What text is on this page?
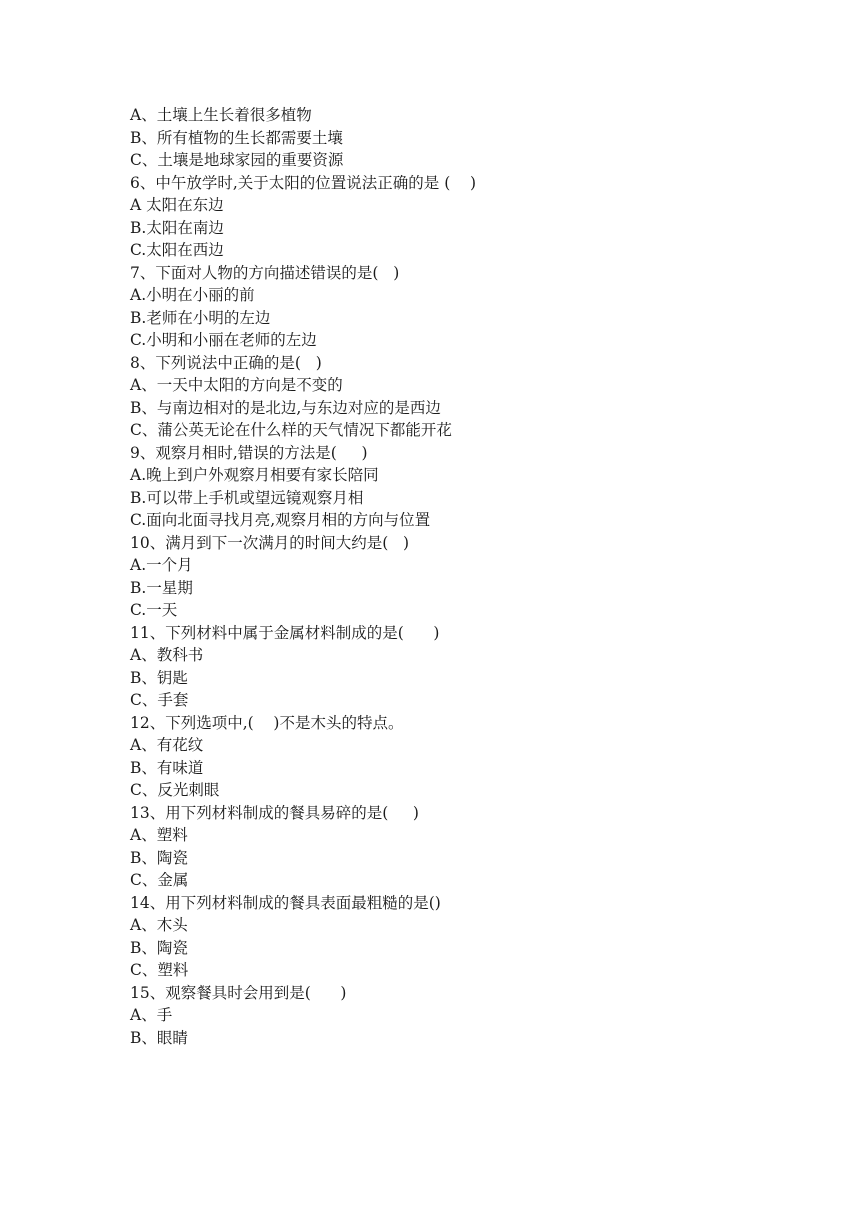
A、土壤上生长着很多植物
B、所有植物的生长都需要土壤
C、土壤是地球家园的重要资源
6、中午放学时,关于太阳的位置说法正确的是 (    )
A 太阳在东边
B.太阳在南边
C.太阳在西边
7、下面对人物的方向描述错误的是(   )
A.小明在小丽的前
B.老师在小明的左边
C.小明和小丽在老师的左边
8、下列说法中正确的是(   )
A、一天中太阳的方向是不变的
B、与南边相对的是北边,与东边对应的是西边
C、蒲公英无论在什么样的天气情况下都能开花
9、观察月相时,错误的方法是(     )
A.晚上到户外观察月相要有家长陪同
B.可以带上手机或望远镜观察月相
C.面向北面寻找月亮,观察月相的方向与位置
10、满月到下一次满月的时间大约是(   )
A.一个月
B.一星期
C.一天
11、下列材料中属于金属材料制成的是(      )
A、教科书
B、钥匙
C、手套
12、下列选项中,(    )不是木头的特点。
A、有花纹
B、有味道
C、反光刺眼
13、用下列材料制成的餐具易碎的是(     )
A、塑料
B、陶瓷
C、金属
14、用下列材料制成的餐具表面最粗糙的是()
A、木头
B、陶瓷
C、塑料
15、观察餐具时会用到是(      )
A、手
B、眼睛
